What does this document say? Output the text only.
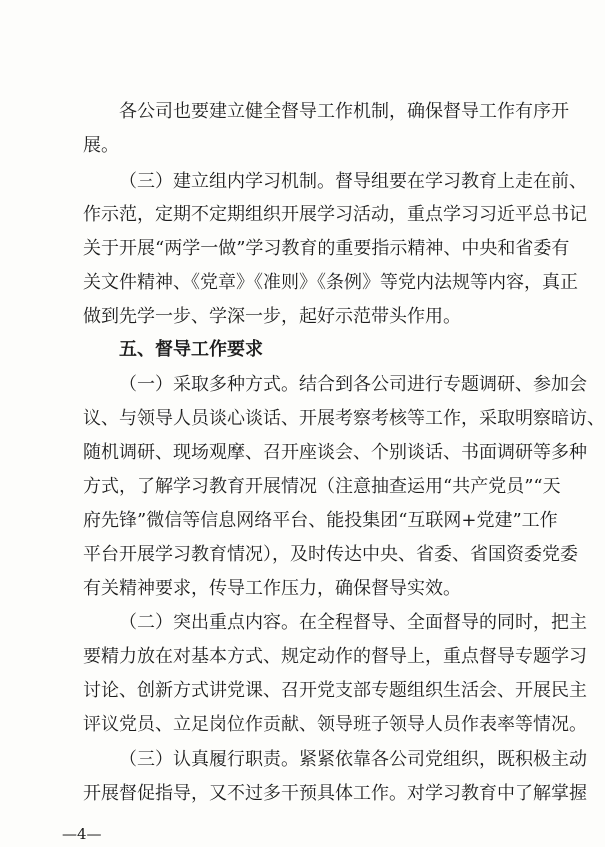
各公司也要建立健全督导工作机制，确保督导工作有序开
展。
（三）建立组内学习机制。督导组要在学习教育上走在前、
作示范，定期不定期组织开展学习活动，重点学习习近平总书记
关于开展“两学一做”学习教育的重要指示精神、中央和省委有
关文件精神、《党章》《准则》《条例》等党内法规等内容，真正
做到先学一步、学深一步，起好示范带头作用。
五、督导工作要求
（一）采取多种方式。结合到各公司进行专题调研、参加会
议、与领导人员谈心谈话、开展考察考核等工作，采取明察暗访、
随机调研、现场观摩、召开座谈会、个别谈话、书面调研等多种
方式，了解学习教育开展情况（注意抽查运用“共产党员”“天
府先锋”微信等信息网络平台、能投集团“互联网+党建”工作
平台开展学习教育情况），及时传达中央、省委、省国资委党委
有关精神要求，传导工作压力，确保督导实效。
（二）突出重点内容。在全程督导、全面督导的同时，把主
要精力放在对基本方式、规定动作的督导上，重点督导专题学习
讨论、创新方式讲党课、召开党支部专题组织生活会、开展民主
评议党员、立足岗位作贡献、领导班子领导人员作表率等情况。
（三）认真履行职责。紧紧依靠各公司党组织，既积极主动
开展督促指导，又不过多干预具体工作。对学习教育中了解掌握
—4—
